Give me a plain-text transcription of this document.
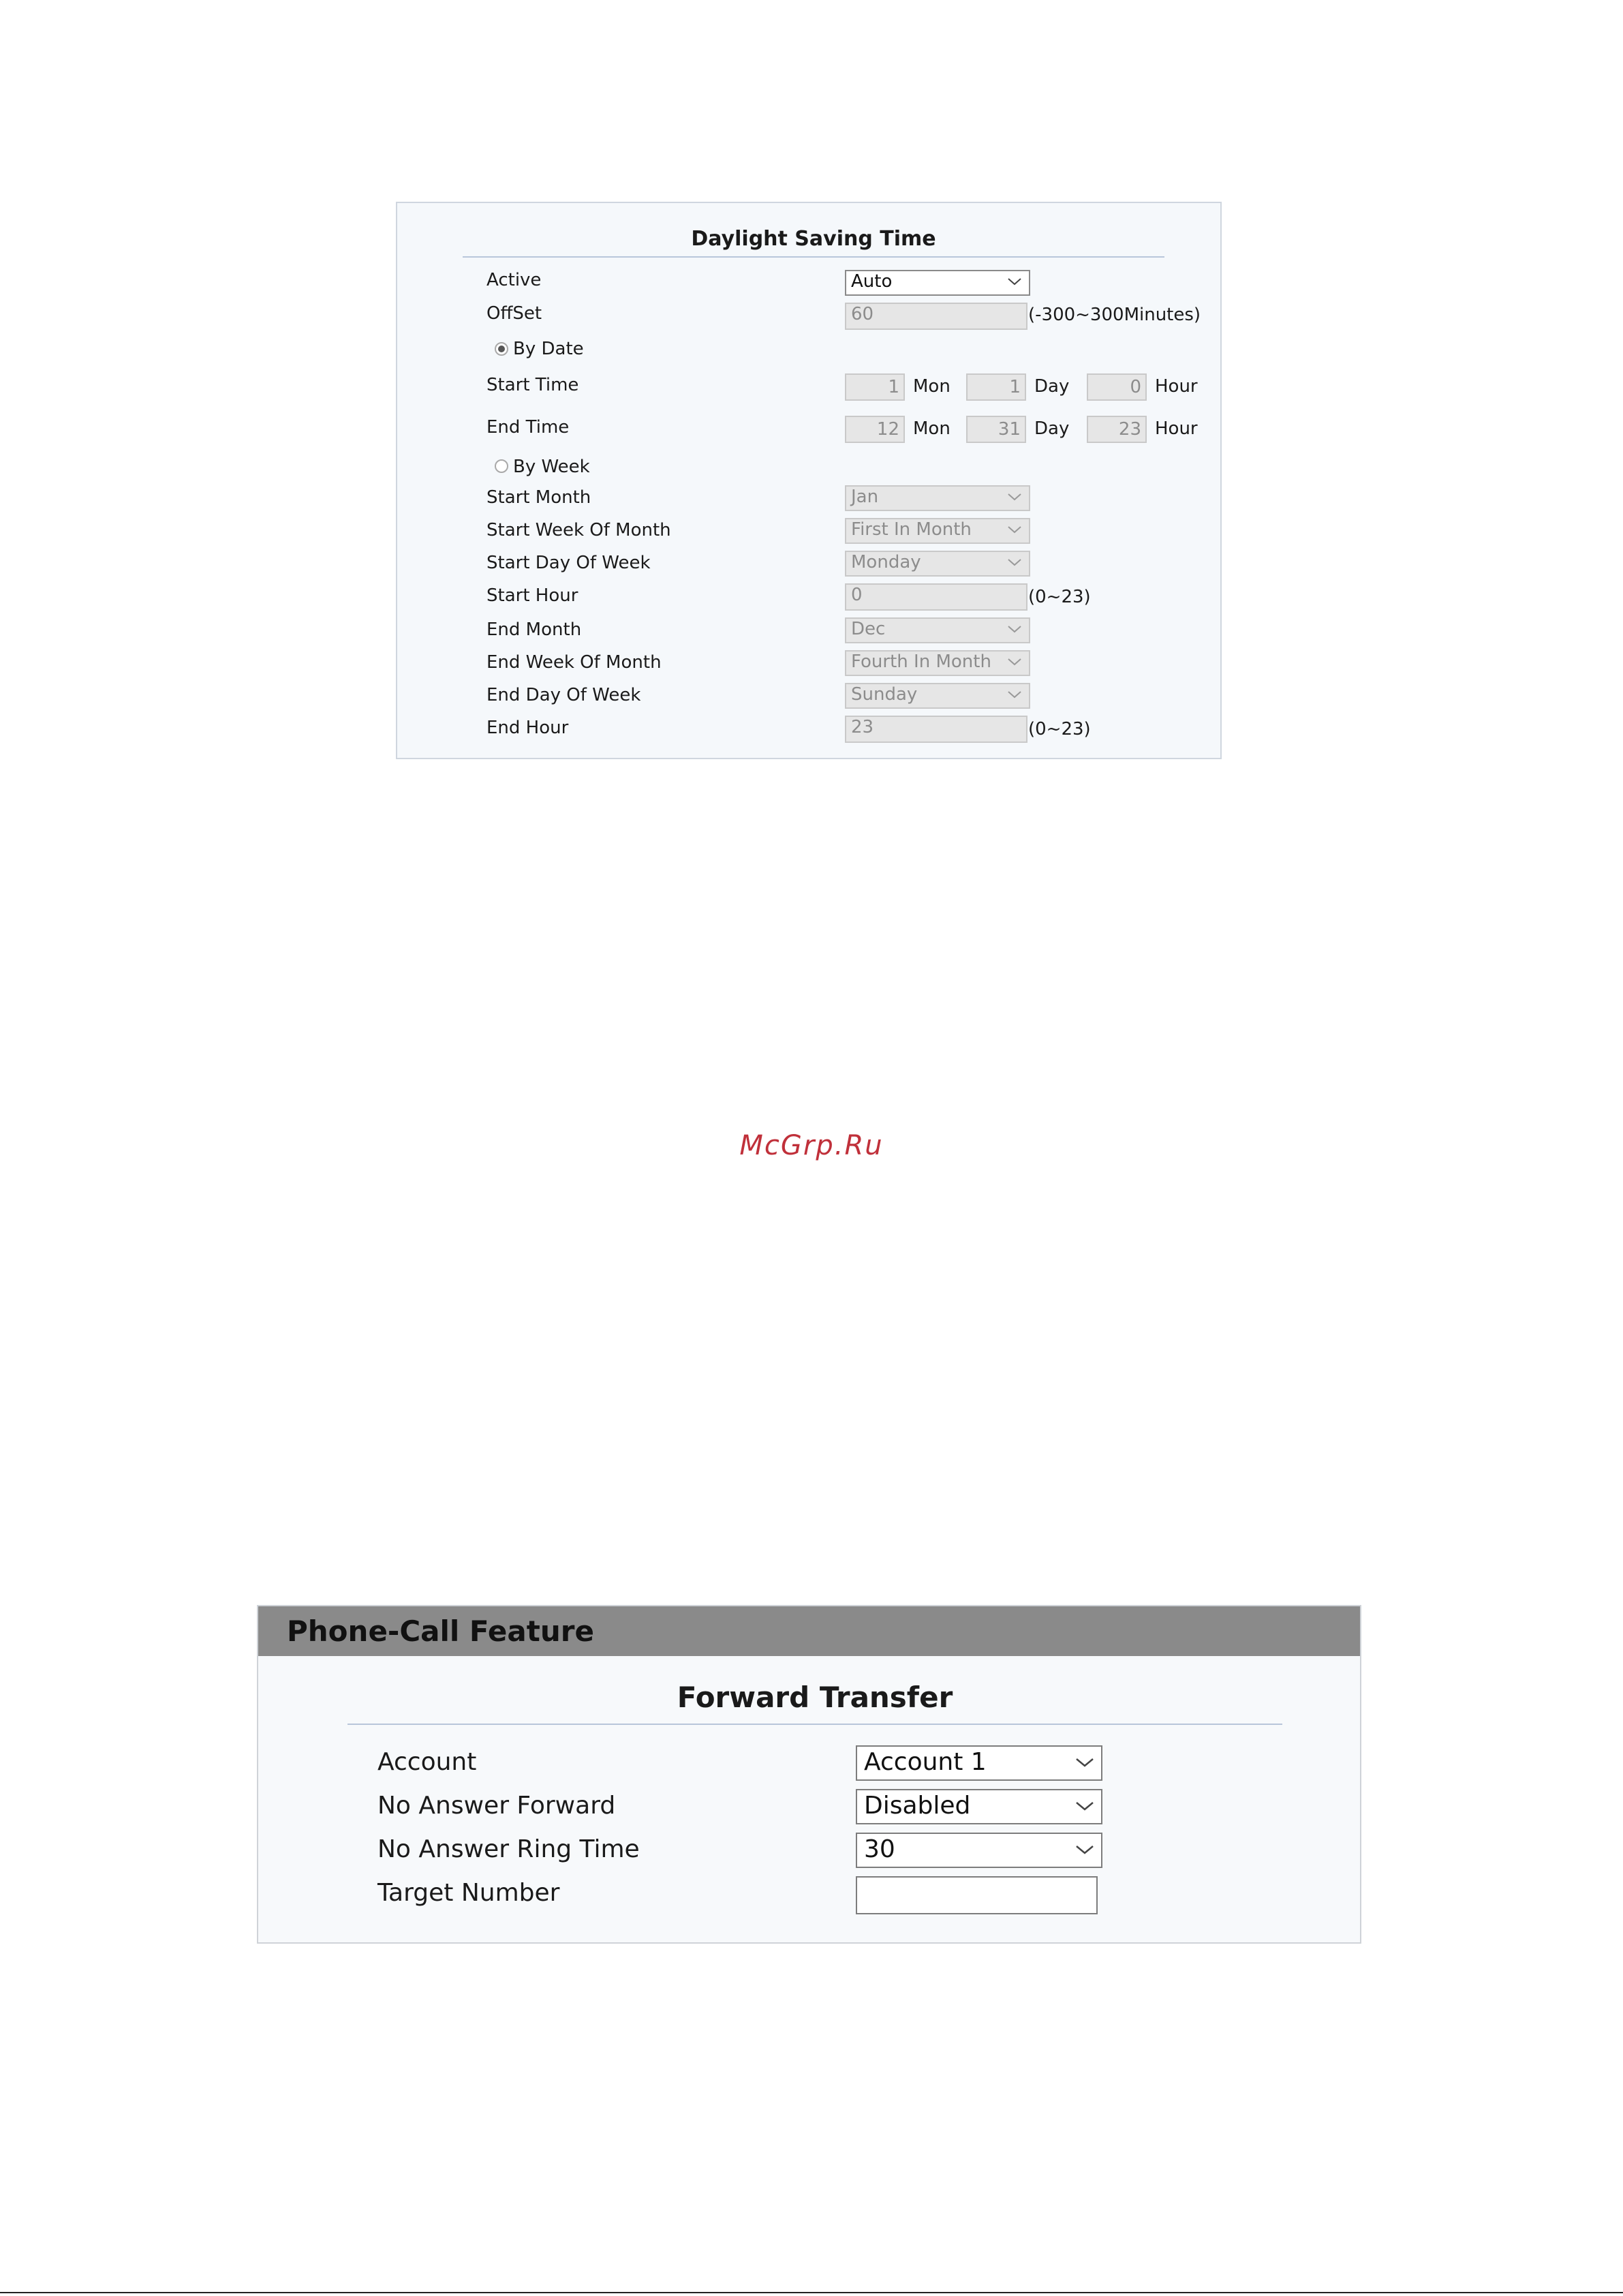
Daylight Saving Time
Active	Auto
OffSet	60	(-300~300Minutes)
By Date
Start Time	1 Mon	1 Day	0 Hour
End Time	12 Mon	31 Day	23 Hour
By Week
Start Month	Jan
Start Week Of Month	First In Month
Start Day Of Week	Monday
Start Hour	0	(0~23)
End Month	Dec
End Week Of Month	Fourth In Month
End Day Of Week	Sunday
End Hour	23	(0~23)
McGrp.Ru
Phone-Call Feature
Forward Transfer
Account	Account 1
No Answer Forward	Disabled
No Answer Ring Time	30
Target Number
